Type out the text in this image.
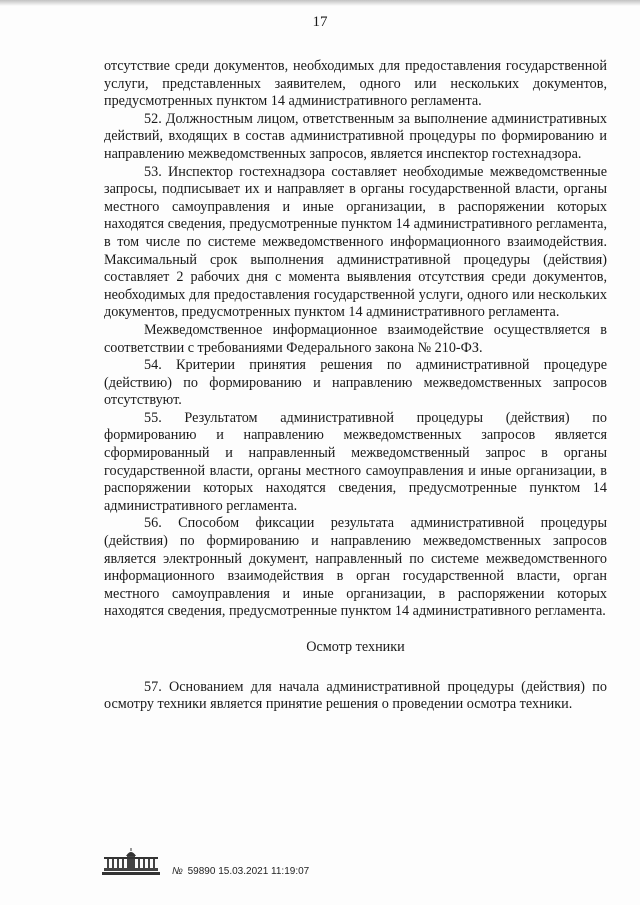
17

отсутствие среди документов, необходимых для предоставления государственной услуги, представленных заявителем, одного или нескольких документов, предусмотренных пунктом 14 административного регламента.

52. Должностным лицом, ответственным за выполнение административных действий, входящих в состав административной процедуры по формированию и направлению межведомственных запросов, является инспектор гостехнадзора.

53. Инспектор гостехнадзора составляет необходимые межведомственные запросы, подписывает их и направляет в органы государственной власти, органы местного самоуправления и иные организации, в распоряжении которых находятся сведения, предусмотренные пунктом 14 административного регламента, в том числе по системе межведомственного информационного взаимодействия. Максимальный срок выполнения административной процедуры (действия) составляет 2 рабочих дня с момента выявления отсутствия среди документов, необходимых для предоставления государственной услуги, одного или нескольких документов, предусмотренных пунктом 14 административного регламента.

Межведомственное информационное взаимодействие осуществляется в соответствии с требованиями Федерального закона № 210-ФЗ.

54. Критерии принятия решения по административной процедуре (действию) по формированию и направлению межведомственных запросов отсутствуют.

55. Результатом административной процедуры (действия) по формированию и направлению межведомственных запросов является сформированный и направленный межведомственный запрос в органы государственной власти, органы местного самоуправления и иные организации, в распоряжении которых находятся сведения, предусмотренные пунктом 14 административного регламента.

56. Способом фиксации результата административной процедуры (действия) по формированию и направлению межведомственных запросов является электронный документ, направленный по системе межведомственного информационного взаимодействия в орган государственной власти, орган местного самоуправления и иные организации, в распоряжении которых находятся сведения, предусмотренные пунктом 14 административного регламента.

Осмотр техники

57. Основанием для начала административной процедуры (действия) по осмотру техники является принятие решения о проведении осмотра техники.

№ 59890 15.03.2021 11:19:07
